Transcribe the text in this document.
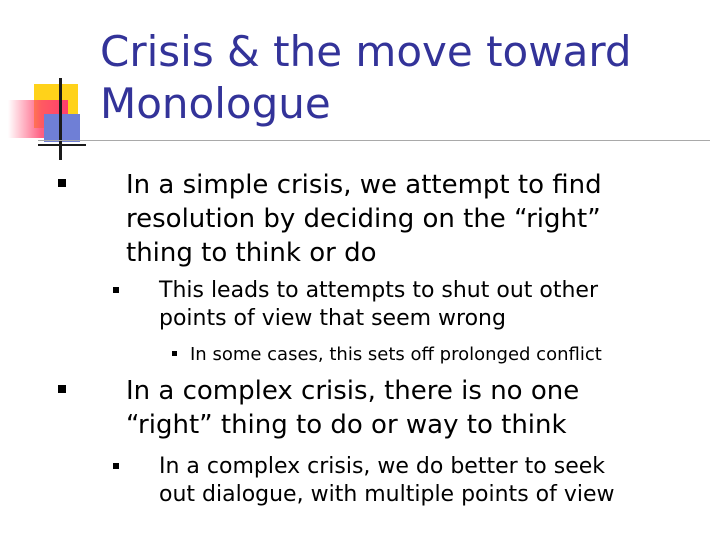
Crisis & the move toward
Monologue
In a simple crisis, we attempt to find
resolution by deciding on the “right”
thing to think or do
This leads to attempts to shut out other
points of view that seem wrong
In some cases, this sets off prolonged conflict
In a complex crisis, there is no one
“right” thing to do or way to think
In a complex crisis, we do better to seek
out dialogue, with multiple points of view
